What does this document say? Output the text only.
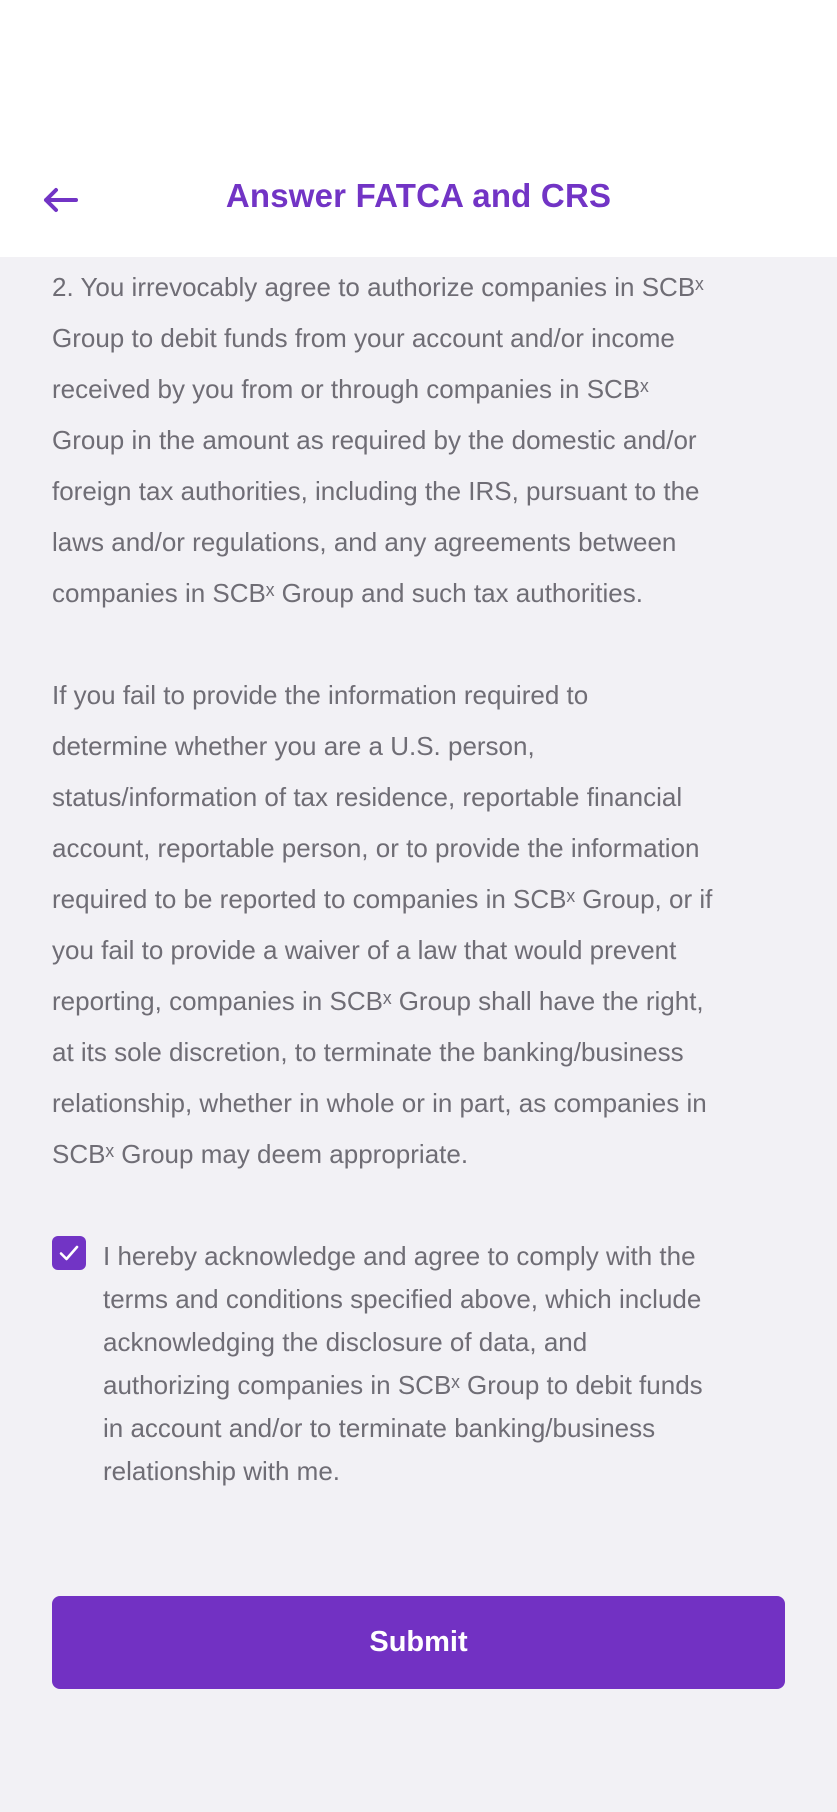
Answer FATCA and CRS

2. You irrevocably agree to authorize companies in SCBˣ
Group to debit funds from your account and/or income
received by you from or through companies in SCBˣ
Group in the amount as required by the domestic and/or
foreign tax authorities, including the IRS, pursuant to the
laws and/or regulations, and any agreements between
companies in SCBˣ Group and such tax authorities.

If you fail to provide the information required to
determine whether you are a U.S. person,
status/information of tax residence, reportable financial
account, reportable person, or to provide the information
required to be reported to companies in SCBˣ Group, or if
you fail to provide a waiver of a law that would prevent
reporting, companies in SCBˣ Group shall have the right,
at its sole discretion, to terminate the banking/business
relationship, whether in whole or in part, as companies in
SCBˣ Group may deem appropriate.

I hereby acknowledge and agree to comply with the
terms and conditions specified above, which include
acknowledging the disclosure of data, and
authorizing companies in SCBˣ Group to debit funds
in account and/or to terminate banking/business
relationship with me.

Submit
